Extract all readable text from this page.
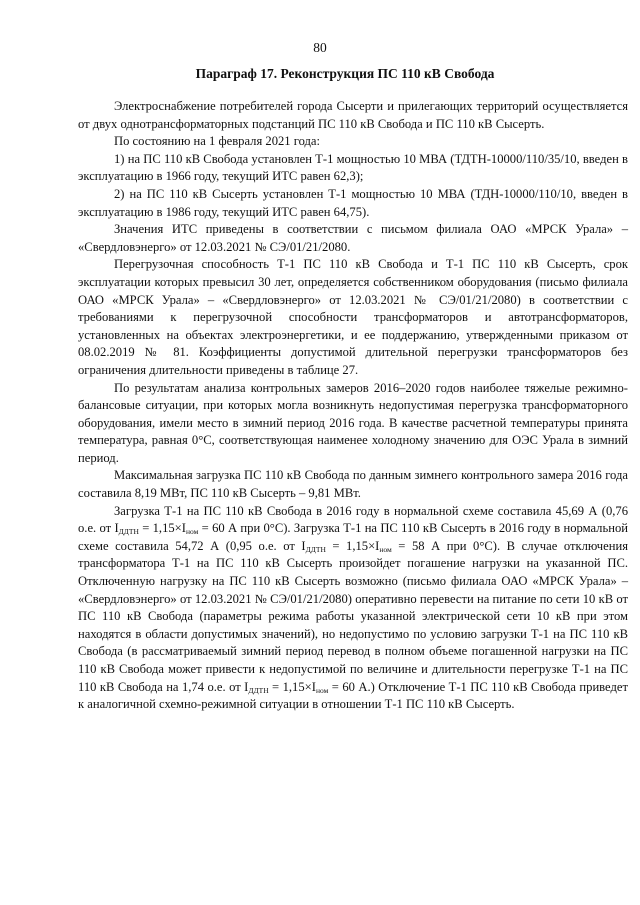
80
Параграф 17. Реконструкция ПС 110 кВ Свобода

Электроснабжение потребителей города Сысерти и прилегающих территорий осуществляется от двух однотрансформаторных подстанций ПС 110 кВ Свобода и ПС 110 кВ Сысерть.

По состоянию на 1 февраля 2021 года:

1) на ПС 110 кВ Свобода установлен Т-1 мощностью 10 МВА (ТДТН-10000/110/35/10, введен в эксплуатацию в 1966 году, текущий ИТС равен 62,3);

2) на ПС 110 кВ Сысерть установлен Т-1 мощностью 10 МВА (ТДН-10000/110/10, введен в эксплуатацию в 1986 году, текущий ИТС равен 64,75).

Значения ИТС приведены в соответствии с письмом филиала ОАО «МРСК Урала» – «Свердловэнерго» от 12.03.2021 № СЭ/01/21/2080.

Перегрузочная способность Т-1 ПС 110 кВ Свобода и Т-1 ПС 110 кВ Сысерть, срок эксплуатации которых превысил 30 лет, определяется собственником оборудования (письмо филиала ОАО «МРСК Урала» – «Свердловэнерго» от 12.03.2021 № СЭ/01/21/2080) в соответствии с требованиями к перегрузочной способности трансформаторов и автотрансформаторов, установленных на объектах электроэнергетики, и ее поддержанию, утвержденными приказом от 08.02.2019 № 81. Коэффициенты допустимой длительной перегрузки трансформаторов без ограничения длительности приведены в таблице 27.

По результатам анализа контрольных замеров 2016–2020 годов наиболее тяжелые режимно-балансовые ситуации, при которых могла возникнуть недопустимая перегрузка трансформаторного оборудования, имели место в зимний период 2016 года. В качестве расчетной температуры принята температура, равная 0°С, соответствующая наименее холодному значению для ОЭС Урала в зимний период.

Максимальная загрузка ПС 110 кВ Свобода по данным зимнего контрольного замера 2016 года составила 8,19 МВт, ПС 110 кВ Сысерть – 9,81 МВт.

Загрузка Т-1 на ПС 110 кВ Свобода в 2016 году в нормальной схеме составила 45,69 А (0,76 о.е. от $I_{ДДТН} = 1,15\times I_{ном} = 60$ А при 0°С). Загрузка Т-1 на ПС 110 кВ Сысерть в 2016 году в нормальной схеме составила 54,72 А (0,95 о.е. от $I_{ДДТН} = 1,15\times I_{ном} = 58$ А при 0°С). В случае отключения трансформатора Т-1 на ПС 110 кВ Сысерть произойдет погашение нагрузки на указанной ПС. Отключенную нагрузку на ПС 110 кВ Сысерть возможно (письмо филиала ОАО «МРСК Урала» – «Свердловэнерго» от 12.03.2021 № СЭ/01/21/2080) оперативно перевести на питание по сети 10 кВ от ПС 110 кВ Свобода (параметры режима работы указанной электрической сети 10 кВ при этом находятся в области допустимых значений), но недопустимо по условию загрузки Т-1 на ПС 110 кВ Свобода (в рассматриваемый зимний период перевод в полном объеме погашенной нагрузки на ПС 110 кВ Свобода может привести к недопустимой по величине и длительности перегрузке Т-1 на ПС 110 кВ Свобода на 1,74 о.е. от $I_{ДДТН} = 1,15\times I_{ном} = 60$ А.) Отключение Т-1 ПС 110 кВ Свобода приведет к аналогичной схемно-режимной ситуации в отношении Т-1 ПС 110 кВ Сысерть.
